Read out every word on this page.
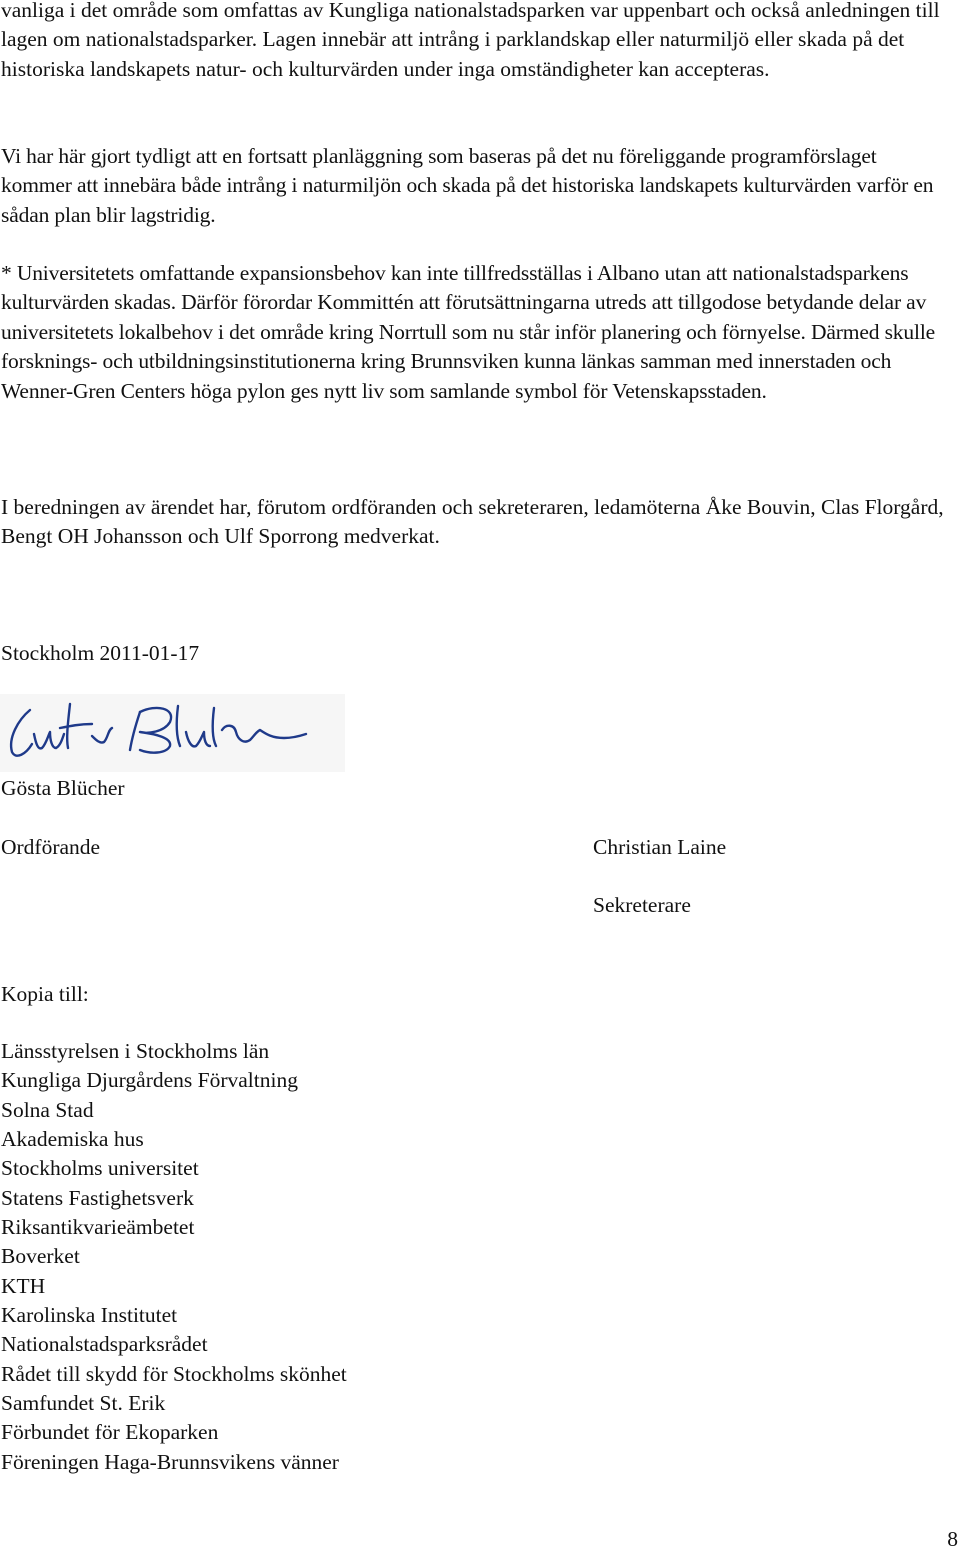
vanliga i det område som omfattas av Kungliga nationalstadsparken var uppenbart och också anledningen till lagen om nationalstadsparker. Lagen innebär att intrång i parklandskap eller naturmiljö eller skada på det historiska landskapets natur- och kulturvärden under inga omständigheter kan accepteras.

Vi har här gjort tydligt att en fortsatt planläggning som baseras på det nu föreliggande programförslaget kommer att innebära både intrång i naturmiljön och skada på det historiska landskapets kulturvärden varför en sådan plan blir lagstridig.

* Universitetets omfattande expansionsbehov kan inte tillfredsställas i Albano utan att nationalstadsparkens kulturvärden skadas. Därför förordar Kommittén att förutsättningarna utreds att tillgodose betydande delar av universitetets lokalbehov i det område kring Norrtull som nu står inför planering och förnyelse. Därmed skulle forsknings- och utbildningsinstitutionerna kring Brunnsviken kunna länkas samman med innerstaden och Wenner-Gren Centers höga pylon ges nytt liv som samlande symbol för Vetenskapsstaden.

I beredningen av ärendet har, förutom ordföranden och sekreteraren, ledamöterna Åke Bouvin, Clas Florgård, Bengt OH Johansson och Ulf Sporrong medverkat.

Stockholm 2011-01-17

Gösta Blücher

Ordförande	Christian Laine

Sekreterare

Kopia till:

Länsstyrelsen i Stockholms län
Kungliga Djurgårdens Förvaltning
Solna Stad
Akademiska hus
Stockholms universitet
Statens Fastighetsverk
Riksantikvarieämbetet
Boverket
KTH
Karolinska Institutet
Nationalstadsparksrådet
Rådet till skydd för Stockholms skönhet
Samfundet St. Erik
Förbundet för Ekoparken
Föreningen Haga-Brunnsvikens vänner
8
